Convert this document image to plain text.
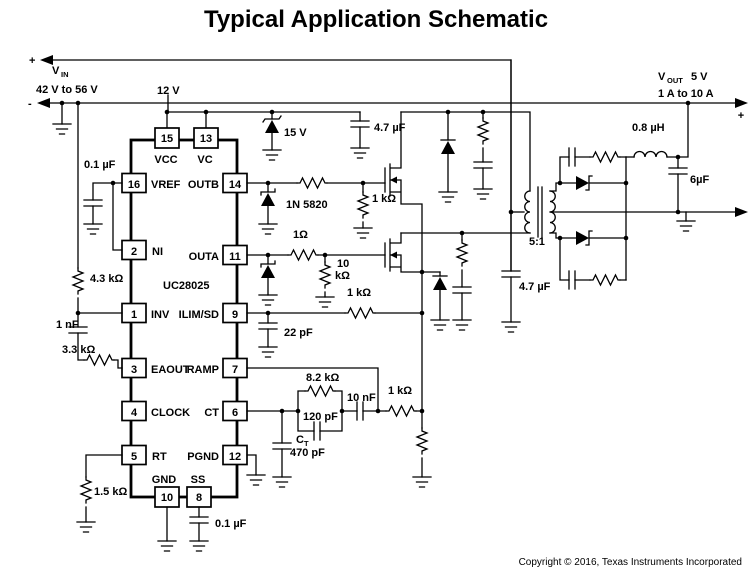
Typical Application Schematic
Copyright © 2016, Texas Instruments Incorporated
+
V IN
42 V to 56 V
-
12 V
15 V	4.7 µF
UC28025
15 13
VCC VC
16 VREF
2 NI
1 INV
3 EAOUT
4 CLOCK
5 RT
14
OUTB
11
OUTA
9
ILIM/SD
7
RAMP
6
CT
12
PGND
GND SS
10 8
0.1 µF
4.3 kΩ
1 nF
3.3 kΩ
1.5 kΩ
0.1 µF
1N 5820	1 kΩ
1Ω
10
kΩ
22 pF
1 kΩ
C T
470 pF
8.2 kΩ
120 pF
10 nF
1 kΩ
5:1
4.7 µF
0.8 µH
6µF
V OUT 5 V
1 A to 10 A
+
